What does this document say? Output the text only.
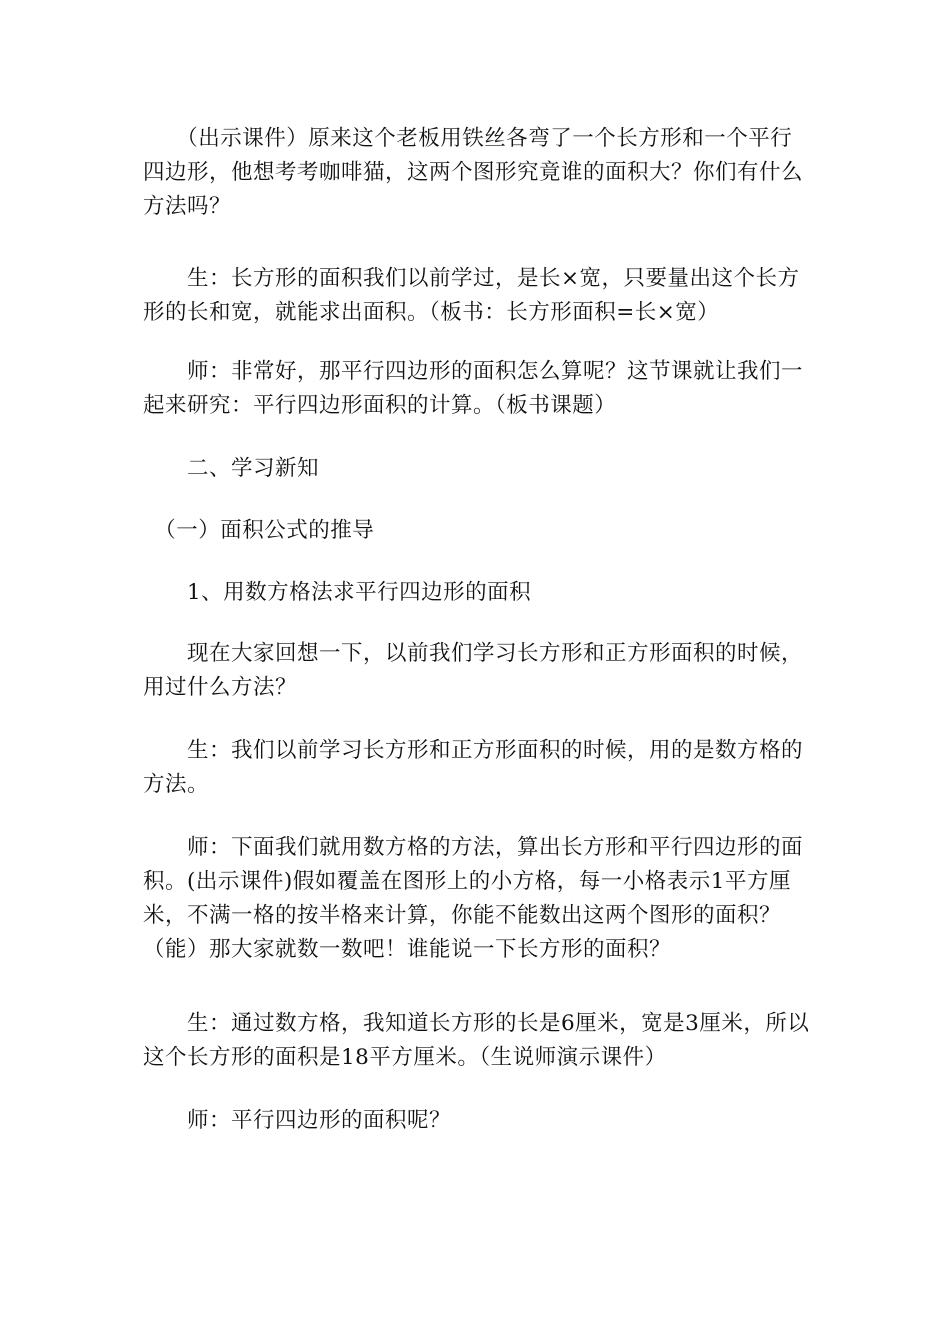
　　（出示课件）原来这个老板用铁丝各弯了一个长方形和一个平行
四边形，他想考考咖啡猫，这两个图形究竟谁的面积大？你们有什么
方法吗？
　　生：长方形的面积我们以前学过，是长×宽，只要量出这个长方
形的长和宽，就能求出面积。（板书：长方形面积=长×宽）
　　师：非常好，那平行四边形的面积怎么算呢？这节课就让我们一
起来研究：平行四边形面积的计算。（板书课题）
　　二、学习新知
　（一）面积公式的推导
　　1、用数方格法求平行四边形的面积
　　现在大家回想一下，以前我们学习长方形和正方形面积的时候，
用过什么方法？
　　生：我们以前学习长方形和正方形面积的时候，用的是数方格的
方法。
　　师：下面我们就用数方格的方法，算出长方形和平行四边形的面
积。(出示课件)假如覆盖在图形上的小方格，每一小格表示1平方厘
米，不满一格的按半格来计算，你能不能数出这两个图形的面积？
（能）那大家就数一数吧！谁能说一下长方形的面积？
　　生：通过数方格，我知道长方形的长是6厘米，宽是3厘米，所以
这个长方形的面积是18平方厘米。（生说师演示课件）
　　师：平行四边形的面积呢？
